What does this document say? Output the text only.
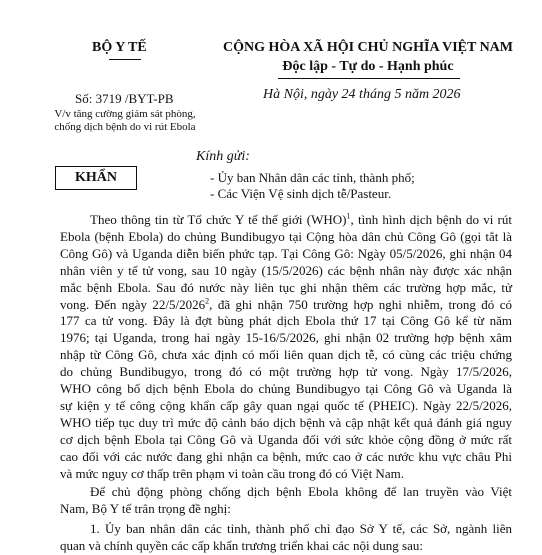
BỘ Y TẾ	CỘNG HÒA XÃ HỘI CHỦ NGHĨA VIỆT NAM
Độc lập - Tự do - Hạnh phúc
Số: 3719 /BYT-PB	Hà Nội, ngày 24 tháng 5 năm 2026
V/v tăng cường giám sát phòng,
chống dịch bệnh do vi rút Ebola
Kính gửi:
KHẨN	- Ủy ban Nhân dân các tỉnh, thành phố;
- Các Viện Vệ sinh dịch tễ/Pasteur.
Theo thông tin từ Tổ chức Y tế thế giới (WHO)$^1$, tình hình dịch bệnh do vi rút
Ebola (bệnh Ebola) do chủng Bundibugyo tại Cộng hòa dân chủ Công Gô (gọi tắt là
Công Gô) và Uganda diễn biến phức tạp. Tại Công Gô: Ngày 05/5/2026, ghi nhận 04
nhân viên y tế tử vong, sau 10 ngày (15/5/2026) các bệnh nhân này được xác nhận
mắc bệnh Ebola. Sau đó nước này liên tục ghi nhận thêm các trường hợp mắc, tử
vong. Đến ngày 22/5/2026$^2$, đã ghi nhận 750 trường hợp nghi nhiễm, trong đó có
177 ca tử vong. Đây là đợt bùng phát dịch Ebola thứ 17 tại Công Gô kể từ năm
1976; tại Uganda, trong hai ngày 15-16/5/2026, ghi nhận 02 trường hợp bệnh xâm
nhập từ Công Gô, chưa xác định có mối liên quan dịch tễ, có cùng các triệu chứng
do chủng Bundibugyo, trong đó có một trường hợp tử vong. Ngày 17/5/2026,
WHO công bố dịch bệnh Ebola do chủng Bundibugyo tại Công Gô và Uganda là
sự kiện y tế công cộng khẩn cấp gây quan ngại quốc tế (PHEIC). Ngày 22/5/2026,
WHO tiếp tục duy trì mức độ cảnh báo dịch bệnh và cập nhật kết quả đánh giá nguy
cơ dịch bệnh Ebola tại Công Gô và Uganda đối với sức khỏe cộng đồng ở mức rất
cao đối với các nước đang ghi nhận ca bệnh, mức cao ở các nước khu vực châu Phi
và mức nguy cơ thấp trên phạm vi toàn cầu trong đó có Việt Nam.
Để chủ động phòng chống dịch bệnh Ebola không để lan truyền vào Việt
Nam, Bộ Y tế trân trọng đề nghị:
1. Ủy ban nhân dân các tỉnh, thành phố chỉ đạo Sở Y tế, các Sở, ngành liên
quan và chính quyền các cấp khẩn trương triển khai các nội dung sau:
